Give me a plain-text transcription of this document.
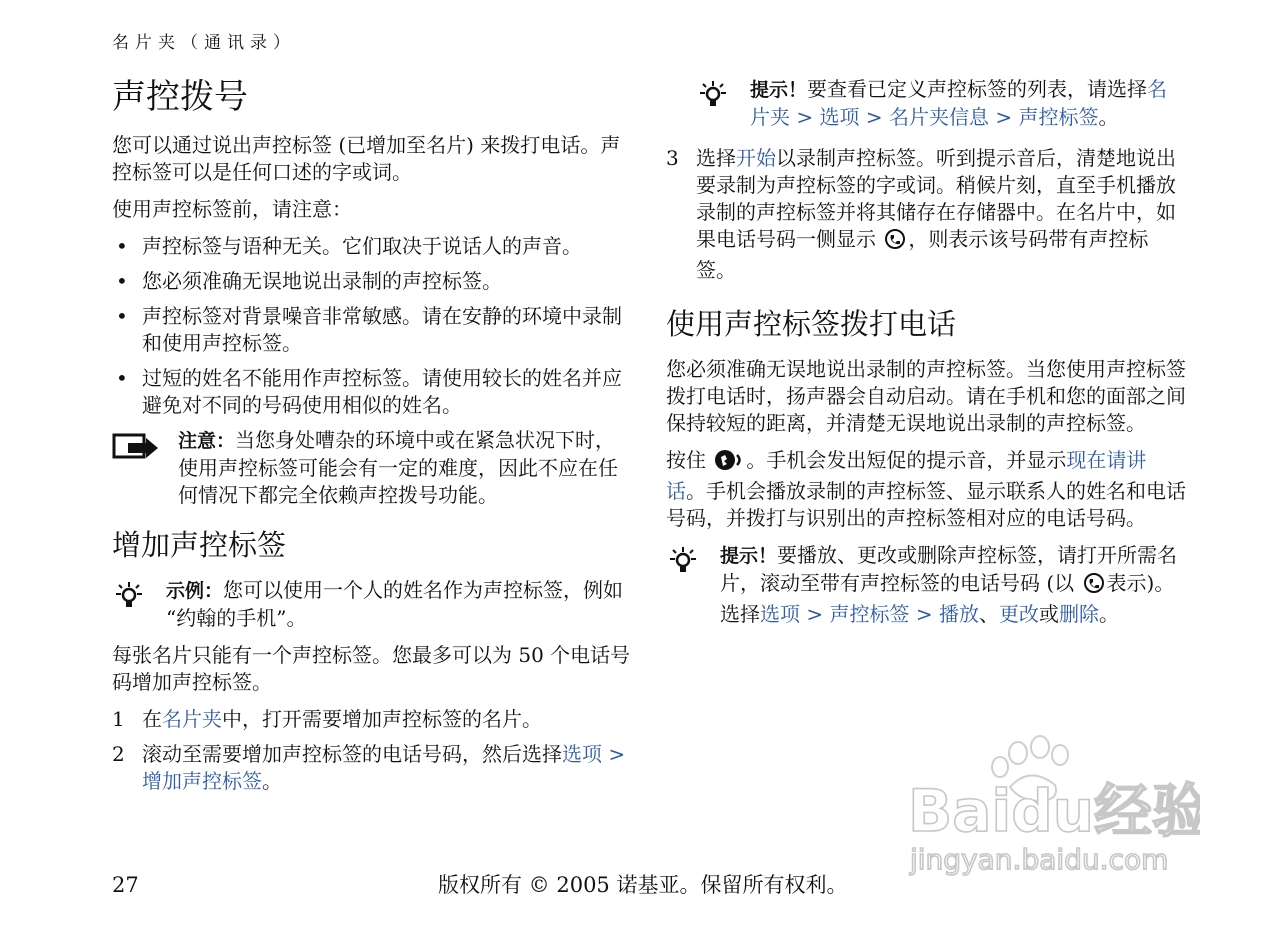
名片夹（通讯录）
声控拨号

您可以通过说出声控标签 (已增加至名片) 来拨打电话。声控标签可以是任何口述的字或词。

使用声控标签前，请注意：

• 声控标签与语种无关。它们取决于说话人的声音。
• 您必须准确无误地说出录制的声控标签。
• 声控标签对背景噪音非常敏感。请在安静的环境中录制和使用声控标签。
• 过短的姓名不能用作声控标签。请使用较长的姓名并应避免对不同的号码使用相似的姓名。
注意：当您身处嘈杂的环境中或在紧急状况下时，使用声控标签可能会有一定的难度，因此不应在任何情况下都完全依赖声控拨号功能。
增加声控标签
示例：您可以使用一个人的姓名作为声控标签，例如 “约翰的手机”。

每张名片只能有一个声控标签。您最多可以为 50 个电话号码增加声控标签。

1 在名片夹中，打开需要增加声控标签的名片。
2 滚动至需要增加声控标签的电话号码，然后选择选项 > 增加声控标签。
提示！要查看已定义声控标签的列表，请选择名片夹 > 选项 > 名片夹信息 > 声控标签。
3 选择开始以录制声控标签。听到提示音后，清楚地说出要录制为声控标签的字或词。稍候片刻，直至手机播放录制的声控标签并将其储存在存储器中。在名片中，如果电话号码一侧显示 ，则表示该号码带有声控标签。
使用声控标签拨打电话

您必须准确无误地说出录制的声控标签。当您使用声控标签拨打电话时，扬声器会自动启动。请在手机和您的面部之间保持较短的距离，并清楚无误地说出录制的声控标签。

按住 。手机会发出短促的提示音，并显示现在请讲话。手机会播放录制的声控标签、显示联系人的姓名和电话号码，并拨打与识别出的声控标签相对应的电话号码。

提示！要播放、更改或删除声控标签，请打开所需名片，滚动至带有声控标签的电话号码 (以 表示)。选择选项 > 声控标签 > 播放、更改或删除。
Baidu经验
jingyan.baidu.com
27	版权所有 © 2005 诺基亚。保留所有权利。
